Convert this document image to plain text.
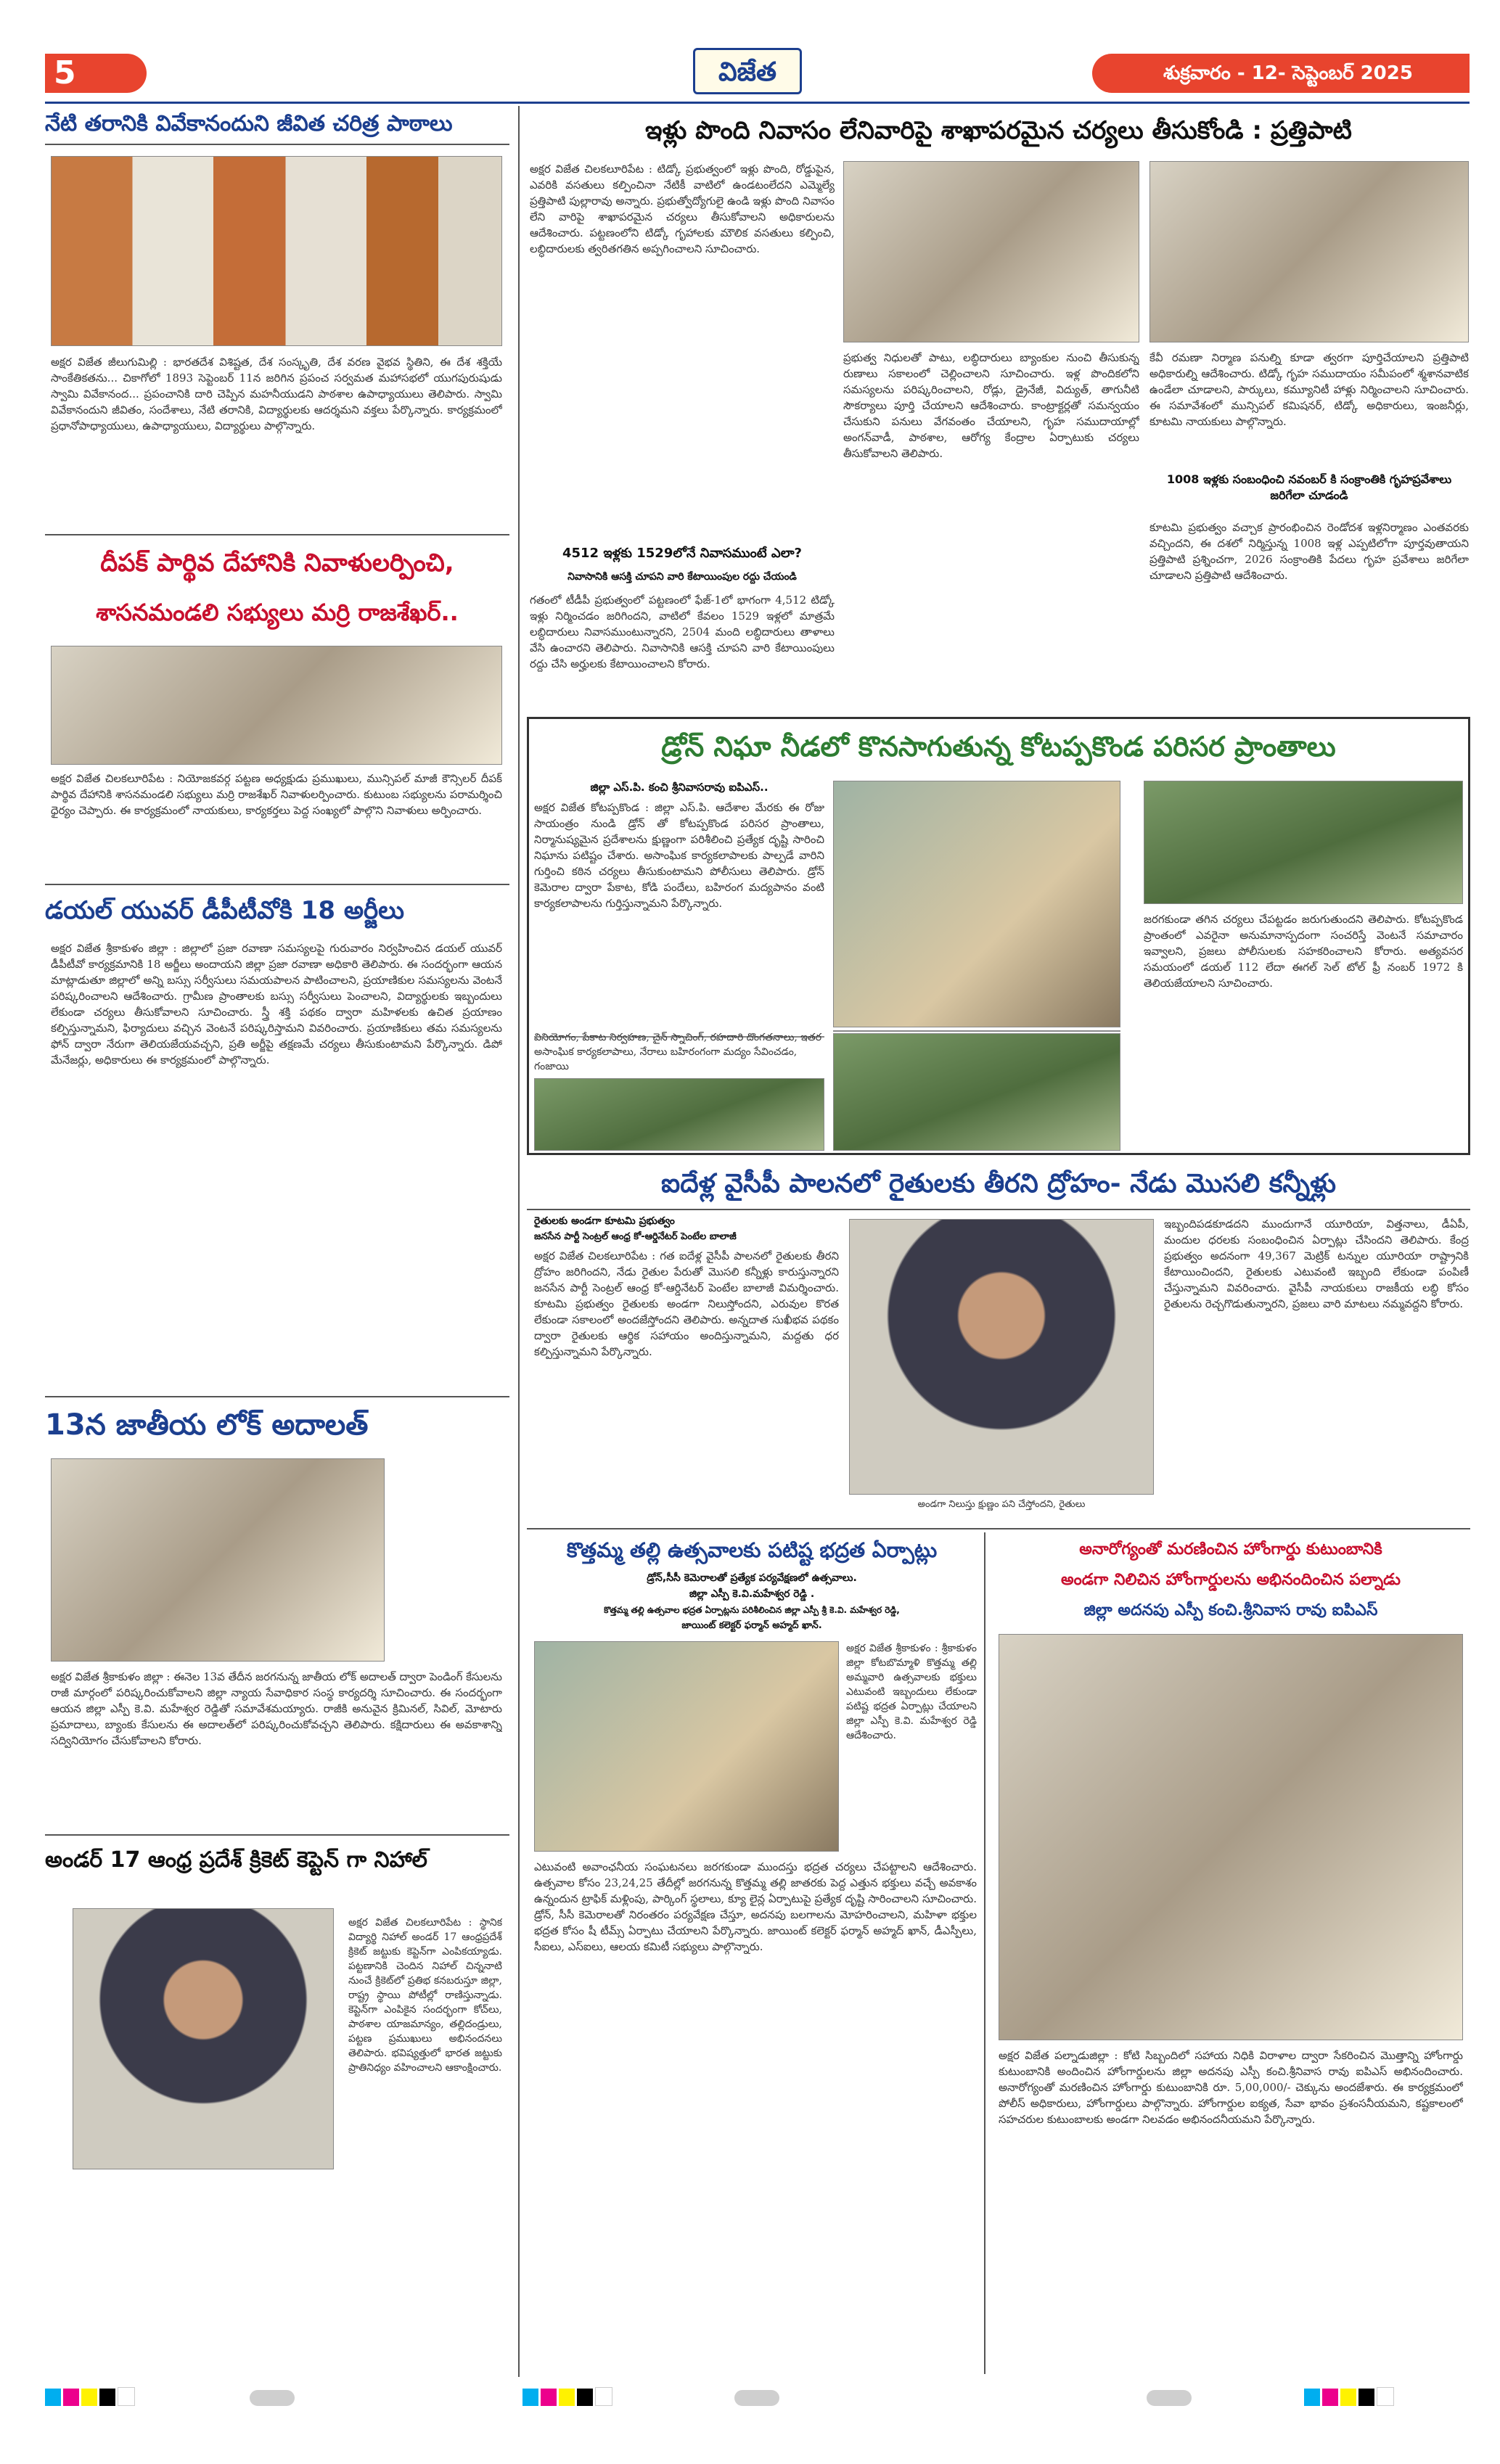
5	విజేత	శుక్రవారం - 12- సెప్టెంబర్ 2025
నేటి తరానికి వివేకానందుని జీవిత చరిత్ర పాఠాలు
అక్షర విజేత జీలుగుమిల్లి : భారతదేశ విశిష్టత, దేశ సంస్కృతి, దేశ వరణ వైభవ స్థితిని, ఈ దేశ శక్తియే సాంకేతికతను... చికాగోలో 1893 సెప్టెంబర్ 11న జరిగిన ప్రపంచ సర్వమత మహాసభలో యుగపురుషుడు స్వామి వివేకానంద... ప్రపంచానికి దారి చెప్పిన మహనీయుడని పాఠశాల ఉపాధ్యాయులు తెలిపారు. స్వామి వివేకానందుని జీవితం, సందేశాలు, నేటి తరానికి, విద్యార్థులకు ఆదర్శమని వక్తలు పేర్కొన్నారు. కార్యక్రమంలో ప్రధానోపాధ్యాయులు, ఉపాధ్యాయులు, విద్యార్థులు పాల్గొన్నారు.
దీపక్ పార్థివ దేహానికి నివాళులర్పించి,
శాసనమండలి సభ్యులు మర్రి రాజశేఖర్..
అక్షర విజేత చిలకలూరిపేట : నియోజకవర్గ పట్టణ అధ్యక్షుడు ప్రముఖులు, మున్సిపల్ మాజీ కౌన్సిలర్ దీపక్ పార్థివ దేహానికి శాసనమండలి సభ్యులు మర్రి రాజశేఖర్ నివాళులర్పించారు. కుటుంబ సభ్యులను పరామర్శించి ధైర్యం చెప్పారు. ఈ కార్యక్రమంలో నాయకులు, కార్యకర్తలు పెద్ద సంఖ్యలో పాల్గొని నివాళులు అర్పించారు.
డయల్ యువర్ డీపీటీవోకి 18 అర్జీలు
అక్షర విజేత శ్రీకాకుళం జిల్లా : జిల్లాలో ప్రజా రవాణా సమస్యలపై గురువారం నిర్వహించిన డయల్ యువర్ డీపీటీవో కార్యక్రమానికి 18 అర్జీలు అందాయని జిల్లా ప్రజా రవాణా అధికారి తెలిపారు. ఈ సందర్భంగా ఆయన మాట్లాడుతూ జిల్లాలో అన్ని బస్సు సర్వీసులు సమయపాలన పాటించాలని, ప్రయాణికుల సమస్యలను వెంటనే పరిష్కరించాలని ఆదేశించారు. గ్రామీణ ప్రాంతాలకు బస్సు సర్వీసులు పెంచాలని, విద్యార్థులకు ఇబ్బందులు లేకుండా చర్యలు తీసుకోవాలని సూచించారు. స్త్రీ శక్తి పథకం ద్వారా మహిళలకు ఉచిత ప్రయాణం కల్పిస్తున్నామని, ఫిర్యాదులు వచ్చిన వెంటనే పరిష్కరిస్తామని వివరించారు. ప్రయాణికులు తమ సమస్యలను ఫోన్ ద్వారా నేరుగా తెలియజేయవచ్చని, ప్రతి అర్జీపై తక్షణమే చర్యలు తీసుకుంటామని పేర్కొన్నారు. డిపో మేనేజర్లు, అధికారులు ఈ కార్యక్రమంలో పాల్గొన్నారు.
13న జాతీయ లోక్ అదాలత్
అక్షర విజేత శ్రీకాకుళం జిల్లా : ఈనెల 13వ తేదీన జరగనున్న జాతీయ లోక్ అదాలత్ ద్వారా పెండింగ్ కేసులను రాజీ మార్గంలో పరిష్కరించుకోవాలని జిల్లా న్యాయ సేవాధికార సంస్థ కార్యదర్శి సూచించారు. ఈ సందర్భంగా ఆయన జిల్లా ఎస్పీ కె.వి. మహేశ్వర రెడ్డితో సమావేశమయ్యారు. రాజీకి అనువైన క్రిమినల్, సివిల్, మోటారు ప్రమాదాలు, బ్యాంకు కేసులను ఈ అదాలత్‌లో పరిష్కరించుకోవచ్చని తెలిపారు. కక్షిదారులు ఈ అవకాశాన్ని సద్వినియోగం చేసుకోవాలని కోరారు.
అండర్ 17 ఆంధ్ర ప్రదేశ్ క్రికెట్ కెప్టెన్ గా నిహాల్
అక్షర విజేత చిలకలూరిపేట : స్థానిక విద్యార్థి నిహాల్ అండర్ 17 ఆంధ్రప్రదేశ్ క్రికెట్ జట్టుకు కెప్టెన్‌గా ఎంపికయ్యాడు. పట్టణానికి చెందిన నిహాల్ చిన్ననాటి నుంచే క్రికెట్‌లో ప్రతిభ కనబరుస్తూ జిల్లా, రాష్ట్ర స్థాయి పోటీల్లో రాణిస్తున్నాడు. కెప్టెన్‌గా ఎంపికైన సందర్భంగా కోచ్‌లు, పాఠశాల యాజమాన్యం, తల్లిదండ్రులు, పట్టణ ప్రముఖులు అభినందనలు తెలిపారు. భవిష్యత్తులో భారత జట్టుకు ప్రాతినిధ్యం వహించాలని ఆకాంక్షించారు.
ఇళ్లు పొంది నివాసం లేనివారిపై శాఖాపరమైన చర్యలు తీసుకోండి : ప్రత్తిపాటి
అక్షర విజేత చిలకలూరిపేట : టిడ్కో ప్రభుత్వంలో ఇళ్లు పొంది, రోడ్డుపైన, ఎవరికి వసతులు కల్పించినా నేటికీ వాటిలో ఉండటంలేదని ఎమ్మెల్యే ప్రత్తిపాటి పుల్లారావు అన్నారు. ప్రభుత్వోద్యోగులై ఉండి ఇళ్లు పొంది నివాసం లేని వారిపై శాఖాపరమైన చర్యలు తీసుకోవాలని అధికారులను ఆదేశించారు. పట్టణంలోని టిడ్కో గృహాలకు మౌలిక వసతులు కల్పించి, లబ్ధిదారులకు త్వరితగతిన అప్పగించాలని సూచించారు.
4512 ఇళ్లకు 1529లోనే నివాసముంటే ఎలా?
నివాసానికి ఆసక్తి చూపని వారి కేటాయింపుల రద్దు చేయండి
గతంలో టీడీపీ ప్రభుత్వంలో పట్టణంలో ఫేజ్-1లో భాగంగా 4,512 టిడ్కో ఇళ్లు నిర్మించడం జరిగిందని, వాటిలో కేవలం 1529 ఇళ్లలో మాత్రమే లబ్ధిదారులు నివాసముంటున్నారని, 2504 మంది లబ్ధిదారులు తాళాలు వేసి ఉంచారని తెలిపారు. నివాసానికి ఆసక్తి చూపని వారి కేటాయింపులు రద్దు చేసి అర్హులకు కేటాయించాలని కోరారు.
ప్రభుత్వ నిధులతో పాటు, లబ్ధిదారులు బ్యాంకుల నుంచి తీసుకున్న రుణాలు సకాలంలో చెల్లించాలని సూచించారు. ఇళ్ల పొందికలోని సమస్యలను పరిష్కరించాలని, రోడ్లు, డ్రైనేజీ, విద్యుత్, తాగునీటి సౌకర్యాలు పూర్తి చేయాలని ఆదేశించారు. కాంట్రాక్టర్లతో సమన్వయం చేసుకుని పనులు వేగవంతం చేయాలని, గృహ సముదాయాల్లో అంగన్‌వాడీ, పాఠశాల, ఆరోగ్య కేంద్రాల ఏర్పాటుకు చర్యలు తీసుకోవాలని తెలిపారు.
కేవీ రమణా నిర్మాణ పనుల్ని కూడా త్వరగా పూర్తిచేయాలని ప్రత్తిపాటి అధికారుల్ని ఆదేశించారు. టిడ్కో గృహ సముదాయం సమీపంలో శ్మశానవాటిక ఉండేలా చూడాలని, పార్కులు, కమ్యూనిటీ హాళ్లు నిర్మించాలని సూచించారు. ఈ సమావేశంలో మున్సిపల్ కమిషనర్, టిడ్కో అధికారులు, ఇంజనీర్లు, కూటమి నాయకులు పాల్గొన్నారు.
1008 ఇళ్లకు సంబంధించి నవంబర్ కి సంక్రాంతికి గృహప్రవేశాలు జరిగేలా చూడండి
కూటమి ప్రభుత్వం వచ్చాక ప్రారంభించిన రెండోదశ ఇళ్లనిర్మాణం ఎంతవరకు వచ్చిందని, ఈ దశలో నిర్మిస్తున్న 1008 ఇళ్ల ఎప్పటిలోగా పూర్తవుతాయని ప్రత్తిపాటి ప్రశ్నించగా, 2026 సంక్రాంతికి పేదలు గృహ ప్రవేశాలు జరిగేలా చూడాలని ప్రత్తిపాటి ఆదేశించారు.
డ్రోన్ నిఘా నీడలో కొనసాగుతున్న కోటప్పకొండ పరిసర ప్రాంతాలు
జిల్లా ఎస్.పి. కంచి శ్రీనివాసరావు ఐపిఎస్..
అక్షర విజేత కోటప్పకొండ : జిల్లా ఎస్.పి. ఆదేశాల మేరకు ఈ రోజు సాయంత్రం నుండి డ్రోన్ తో కోటప్పకొండ పరిసర ప్రాంతాలు, నిర్మానుష్యమైన ప్రదేశాలను క్షుణ్ణంగా పరిశీలించి ప్రత్యేక దృష్టి సారించి నిఘాను పటిష్టం చేశారు. అసాంఘిక కార్యకలాపాలకు పాల్పడే వారిని గుర్తించి కఠిన చర్యలు తీసుకుంటామని పోలీసులు తెలిపారు. డ్రోన్ కెమెరాల ద్వారా పేకాట, కోడి పందేలు, బహిరంగ మద్యపానం వంటి కార్యకలాపాలను గుర్తిస్తున్నామని పేర్కొన్నారు.
జరగకుండా తగిన చర్యలు చేపట్టడం జరుగుతుందని తెలిపారు. కోటప్పకొండ ప్రాంతంలో ఎవరైనా అనుమానాస్పదంగా సంచరిస్తే వెంటనే సమాచారం ఇవ్వాలని, ప్రజలు పోలీసులకు సహకరించాలని కోరారు. అత్యవసర సమయంలో డయల్ 112 లేదా ఈగల్ సెల్ టోల్ ఫ్రీ నంబర్ 1972 కి తెలియజేయాలని సూచించారు.
వినియోగం, పేకాట నిర్వహణ, చైన్ స్నాచింగ్, రహదారి దొంగతనాలు, ఇతర అసాంఘిక కార్యకలాపాలు, నేరాలు బహిరంగంగా మద్యం సేవించడం, గంజాయి
ఐదేళ్ల వైసీపీ పాలనలో రైతులకు తీరని ద్రోహం- నేడు మొసలి కన్నీళ్లు
రైతులకు అండగా కూటమి ప్రభుత్వం
జనసేన పార్టీ సెంట్రల్ ఆంధ్ర కో-ఆర్డినేటర్ పెంటేల బాలాజీ
అక్షర విజేత చిలకలూరిపేట : గత ఐదేళ్ల వైసీపీ పాలనలో రైతులకు తీరని ద్రోహం జరిగిందని, నేడు రైతుల పేరుతో మొసలి కన్నీళ్లు కారుస్తున్నారని జనసేన పార్టీ సెంట్రల్ ఆంధ్ర కో-ఆర్డినేటర్ పెంటేల బాలాజీ విమర్శించారు. కూటమి ప్రభుత్వం రైతులకు అండగా నిలుస్తోందని, ఎరువుల కొరత లేకుండా సకాలంలో అందజేస్తోందని తెలిపారు. అన్నదాత సుఖీభవ పథకం ద్వారా రైతులకు ఆర్థిక సహాయం అందిస్తున్నామని, మద్దతు ధర కల్పిస్తున్నామని పేర్కొన్నారు.
అండగా నిలుస్తు క్షుణ్ణం పని చేస్తోందని, రైతులు
ఇబ్బందిపడకూడదని ముందుగానే యూరియా, విత్తనాలు, డీఏపీ, మందుల ధరలకు సంబంధించిన ఏర్పాట్లు చేసిందని తెలిపారు. కేంద్ర ప్రభుత్వం అదనంగా 49,367 మెట్రిక్ టన్నుల యూరియా రాష్ట్రానికి కేటాయించిందని, రైతులకు ఎటువంటి ఇబ్బంది లేకుండా పంపిణీ చేస్తున్నామని వివరించారు. వైసీపీ నాయకులు రాజకీయ లబ్ధి కోసం రైతులను రెచ్చగొడుతున్నారని, ప్రజలు వారి మాటలు నమ్మవద్దని కోరారు.
కొత్తమ్మ తల్లి ఉత్సవాలకు పటిష్ట భద్రత ఏర్పాట్లు
డ్రోన్,సీసీ కెమెరాలతో ప్రత్యేక పర్యవేక్షణలో ఉత్సవాలు.
జిల్లా ఎస్పీ కె.వి.మహేశ్వర రెడ్డి .
కొత్తమ్మ తల్లి ఉత్సవాల భద్రత ఏర్పాట్లను పరిశీలించిన జిల్లా ఎస్పీ శ్రీ కె.వి. మహేశ్వర రెడ్డి,
జాయింట్ కలెక్టర్ ఫర్మాన్ అహ్మద్ ఖాన్.
అక్షర విజేత శ్రీకాకుళం : శ్రీకాకుళం జిల్లా కోటబొమ్మాళి కొత్తమ్మ తల్లి అమ్మవారి ఉత్సవాలకు భక్తులు ఎటువంటి ఇబ్బందులు లేకుండా పటిష్ట భద్రత ఏర్పాట్లు చేయాలని జిల్లా ఎస్పీ కె.వి. మహేశ్వర రెడ్డి ఆదేశించారు.
ఎటువంటి అవాంఛనీయ సంఘటనలు జరగకుండా ముందస్తు భద్రత చర్యలు చేపట్టాలని ఆదేశించారు. ఉత్సవాల కోసం 23,24,25 తేదీల్లో జరగనున్న కొత్తమ్మ తల్లి జాతరకు పెద్ద ఎత్తున భక్తులు వచ్చే అవకాశం ఉన్నందున ట్రాఫిక్ మళ్లింపు, పార్కింగ్ స్థలాలు, క్యూ లైన్ల ఏర్పాటుపై ప్రత్యేక దృష్టి సారించాలని సూచించారు. డ్రోన్, సీసీ కెమెరాలతో నిరంతరం పర్యవేక్షణ చేస్తూ, అదనపు బలగాలను మోహరించాలని, మహిళా భక్తుల భద్రత కోసం షీ టీమ్స్ ఏర్పాటు చేయాలని పేర్కొన్నారు. జాయింట్ కలెక్టర్ ఫర్మాన్ అహ్మద్ ఖాన్, డీఎస్పీలు, సీఐలు, ఎస్ఐలు, ఆలయ కమిటీ సభ్యులు పాల్గొన్నారు.
అనారోగ్యంతో మరణించిన హోంగార్డు కుటుంబానికి
అండగా నిలిచిన హోంగార్డులను అభినందించిన పల్నాడు
జిల్లా అదనపు ఎస్పీ కంచి.శ్రీనివాస రావు ఐపిఎస్
అక్షర విజేత పల్నాడుజిల్లా : కోటి సిబ్బందిలో సహాయ నిధికి విరాళాల ద్వారా సేకరించిన మొత్తాన్ని హోంగార్డు కుటుంబానికి అందించిన హోంగార్డులను జిల్లా అదనపు ఎస్పీ కంచి.శ్రీనివాస రావు ఐపిఎస్ అభినందించారు. అనారోగ్యంతో మరణించిన హోంగార్డు కుటుంబానికి రూ. 5,00,000/- చెక్కును అందజేశారు. ఈ కార్యక్రమంలో పోలీస్ అధికారులు, హోంగార్డులు పాల్గొన్నారు. హోంగార్డుల ఐక్యత, సేవా భావం ప్రశంసనీయమని, కష్టకాలంలో సహచరుల కుటుంబాలకు అండగా నిలవడం అభినందనీయమని పేర్కొన్నారు.
